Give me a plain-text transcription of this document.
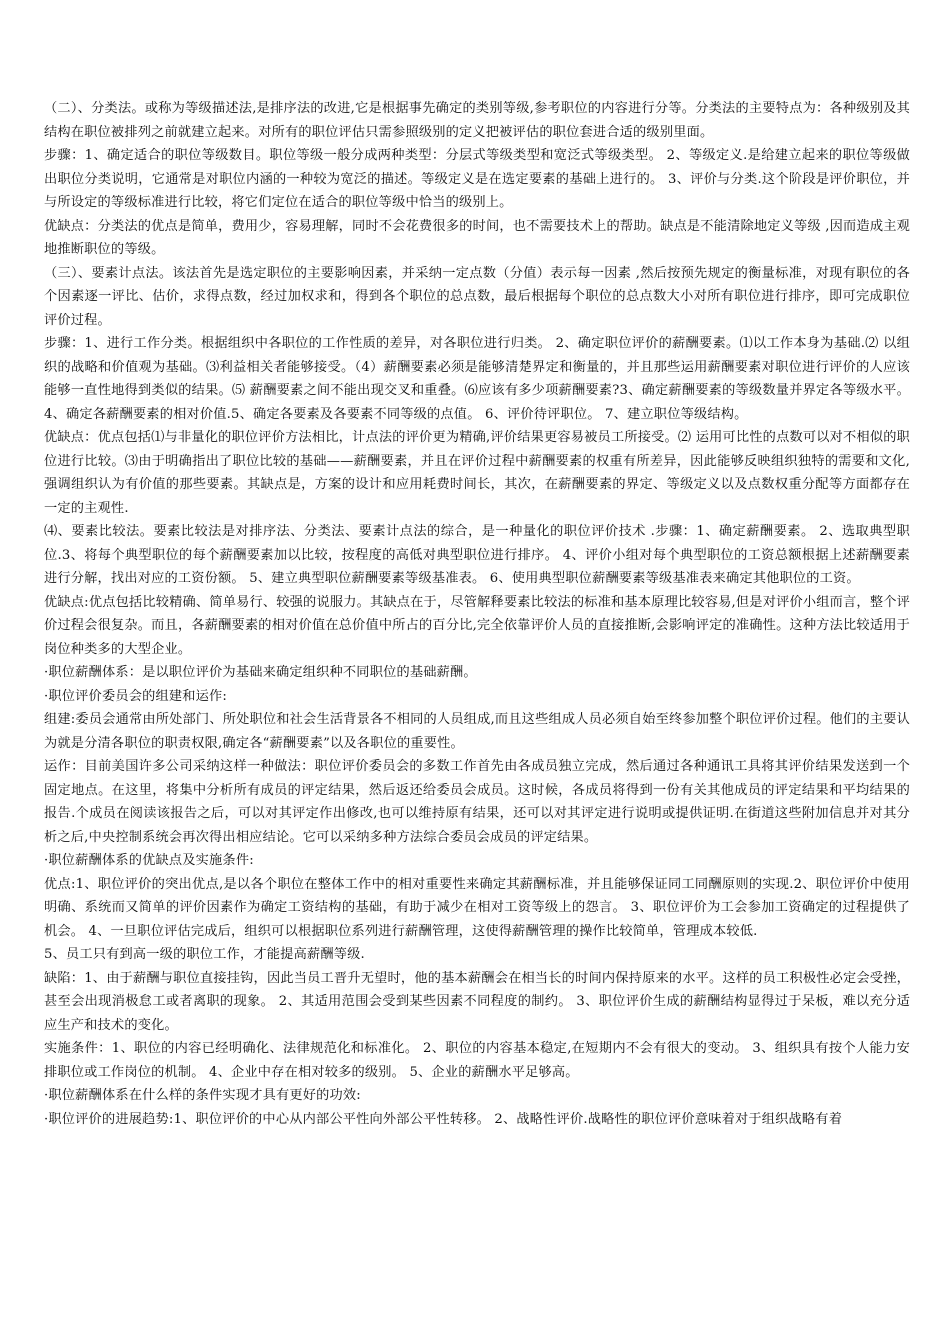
（二）、分类法。或称为等级描述法,是排序法的改进,它是根据事先确定的类别等级,参考职位的内容进行分等。分类法的主要特点为：各种级别及其结构在职位被排列之前就建立起来。对所有的职位评估只需参照级别的定义把被评估的职位套进合适的级别里面。

步骤：1、确定适合的职位等级数目。职位等级一般分成两种类型：分层式等级类型和宽泛式等级类型。 2、等级定义.是给建立起来的职位等级做出职位分类说明，它通常是对职位内涵的一种较为宽泛的描述。等级定义是在选定要素的基础上进行的。 3、评价与分类.这个阶段是评价职位，并与所设定的等级标准进行比较，将它们定位在适合的职位等级中恰当的级别上。

优缺点：分类法的优点是简单，费用少，容易理解，同时不会花费很多的时间，也不需要技术上的帮助。缺点是不能清除地定义等级 ,因而造成主观地推断职位的等级。

（三）、要素计点法。该法首先是选定职位的主要影响因素，并采纳一定点数（分值）表示每一因素 ,然后按预先规定的衡量标准，对现有职位的各个因素逐一评比、估价，求得点数，经过加权求和，得到各个职位的总点数，最后根据每个职位的总点数大小对所有职位进行排序，即可完成职位评价过程。

步骤：1、进行工作分类。根据组织中各职位的工作性质的差异，对各职位进行归类。 2、确定职位评价的薪酬要素。⑴以工作本身为基础.⑵ 以组织的战略和价值观为基础。⑶利益相关者能够接受。（4）薪酬要素必须是能够清楚界定和衡量的，并且那些运用薪酬要素对职位进行评价的人应该能够一直性地得到类似的结果。⑸ 薪酬要素之间不能出现交叉和重叠。⑹应该有多少项薪酬要素?3、确定薪酬要素的等级数量并界定各等级水平。 4、确定各薪酬要素的相对价值.5、确定各要素及各要素不同等级的点值。 6、评价待评职位。 7、建立职位等级结构。

优缺点：优点包括⑴与非量化的职位评价方法相比，计点法的评价更为精确,评价结果更容易被员工所接受。⑵ 运用可比性的点数可以对不相似的职位进行比较。⑶由于明确指出了职位比较的基础——薪酬要素，并且在评价过程中薪酬要素的权重有所差异，因此能够反映组织独特的需要和文化,强调组织认为有价值的那些要素。其缺点是，方案的设计和应用耗费时间长，其次，在薪酬要素的界定、等级定义以及点数权重分配等方面都存在一定的主观性.

⑷、要素比较法。要素比较法是对排序法、分类法、要素计点法的综合，是一种量化的职位评价技术 .步骤：1、确定薪酬要素。 2、选取典型职位.3、将每个典型职位的每个薪酬要素加以比较，按程度的高低对典型职位进行排序。 4、评价小组对每个典型职位的工资总额根据上述薪酬要素进行分解，找出对应的工资份额。 5、建立典型职位薪酬要素等级基准表。 6、使用典型职位薪酬要素等级基准表来确定其他职位的工资。

优缺点:优点包括比较精确、简单易行、较强的说服力。其缺点在于，尽管解释要素比较法的标准和基本原理比较容易,但是对评价小组而言，整个评价过程会很复杂。而且，各薪酬要素的相对价值在总价值中所占的百分比,完全依靠评价人员的直接推断,会影响评定的准确性。这种方法比较适用于岗位种类多的大型企业。

·职位薪酬体系：是以职位评价为基础来确定组织种不同职位的基础薪酬。

·职位评价委员会的组建和运作:

组建:委员会通常由所处部门、所处职位和社会生活背景各不相同的人员组成,而且这些组成人员必须自始至终参加整个职位评价过程。他们的主要认为就是分清各职位的职责权限,确定各“薪酬要素”以及各职位的重要性。

运作：目前美国许多公司采纳这样一种做法：职位评价委员会的多数工作首先由各成员独立完成，然后通过各种通讯工具将其评价结果发送到一个固定地点。在这里，将集中分析所有成员的评定结果，然后返还给委员会成员。这时候，各成员将得到一份有关其他成员的评定结果和平均结果的报告.个成员在阅读该报告之后，可以对其评定作出修改,也可以维持原有结果，还可以对其评定进行说明或提供证明.在街道这些附加信息并对其分析之后,中央控制系统会再次得出相应结论。它可以采纳多种方法综合委员会成员的评定结果。

·职位薪酬体系的优缺点及实施条件:

优点:1、职位评价的突出优点,是以各个职位在整体工作中的相对重要性来确定其薪酬标准，并且能够保证同工同酬原则的实现.2、职位评价中使用明确、系统而又简单的评价因素作为确定工资结构的基础，有助于减少在相对工资等级上的怨言。 3、职位评价为工会参加工资确定的过程提供了机会。 4、一旦职位评估完成后，组织可以根据职位系列进行薪酬管理，这使得薪酬管理的操作比较简单，管理成本较低.

5、员工只有到高一级的职位工作，才能提高薪酬等级.

缺陷：1、由于薪酬与职位直接挂钩，因此当员工晋升无望时，他的基本薪酬会在相当长的时间内保持原来的水平。这样的员工积极性必定会受挫，甚至会出现消极怠工或者离职的现象。 2、其适用范围会受到某些因素不同程度的制约。 3、职位评价生成的薪酬结构显得过于呆板，难以充分适应生产和技术的变化。

实施条件：1、职位的内容已经明确化、法律规范化和标准化。 2、职位的内容基本稳定,在短期内不会有很大的变动。 3、组织具有按个人能力安排职位或工作岗位的机制。 4、企业中存在相对较多的级别。 5、企业的薪酬水平足够高。

·职位薪酬体系在什么样的条件实现才具有更好的功效:

·职位评价的进展趋势:1、职位评价的中心从内部公平性向外部公平性转移。 2、战略性评价.战略性的职位评价意味着对于组织战略有着
